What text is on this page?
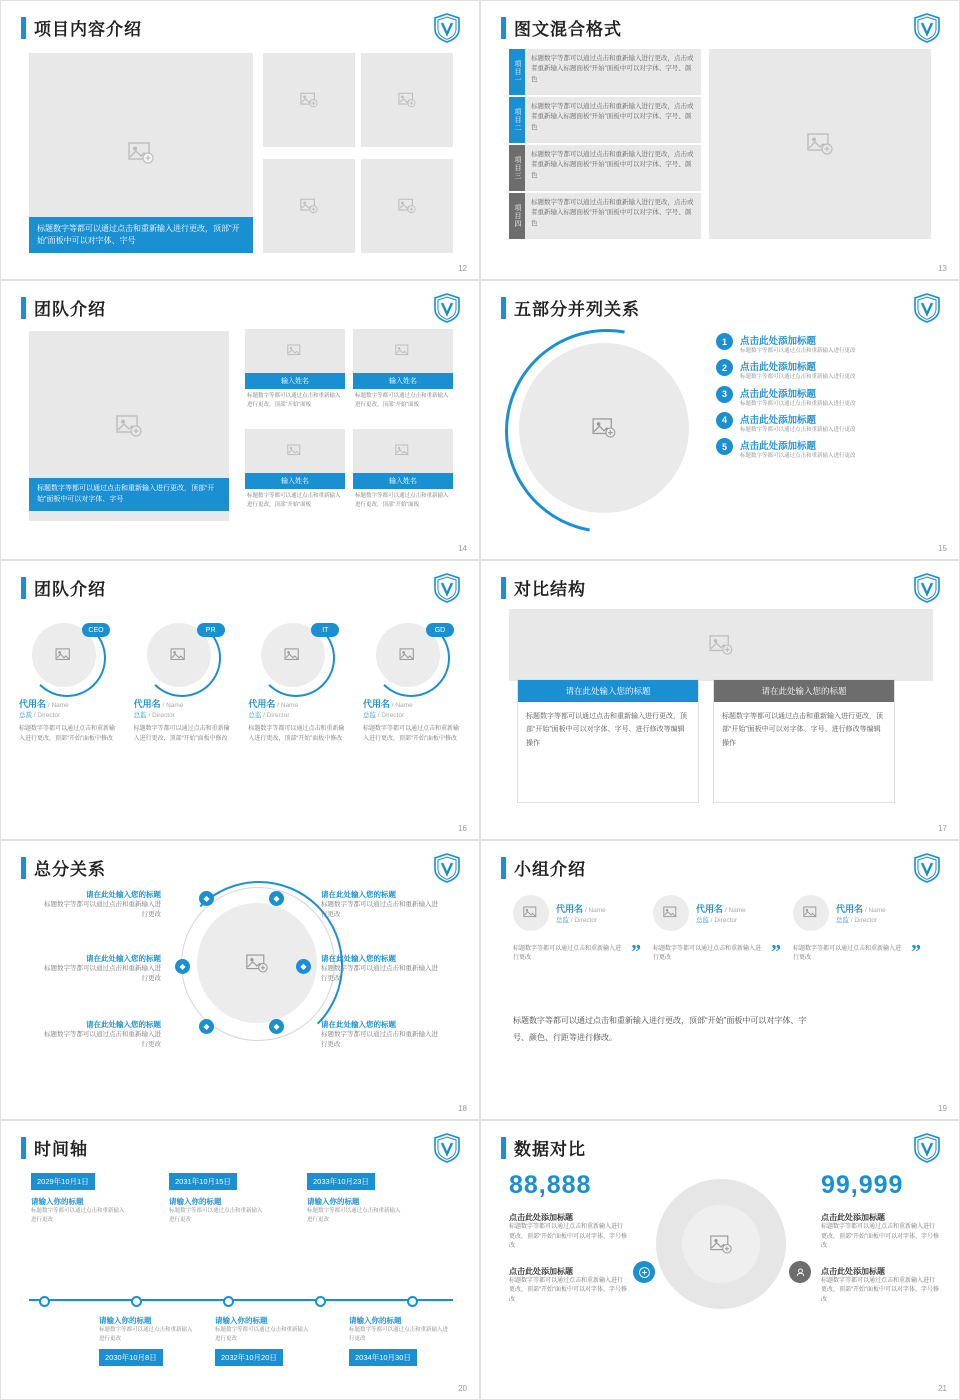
项目内容介绍
标题数字等都可以通过点击和重新输入进行更改，顶部“开始”面板中可以对字体、字号
12
图文混合格式
项目一
标题数字等都可以通过点击和重新输入进行更改，点击或者重新输入标题面板“开始”面板中可以对字体、字号、颜色
项目二
标题数字等都可以通过点击和重新输入进行更改，点击或者重新输入标题面板“开始”面板中可以对字体、字号、颜色
项目三
标题数字等都可以通过点击和重新输入进行更改，点击或者重新输入标题面板“开始”面板中可以对字体、字号、颜色
项目四
标题数字等都可以通过点击和重新输入进行更改，点击或者重新输入标题面板“开始”面板中可以对字体、字号、颜色
13
团队介绍
标题数字等都可以通过点击和重新输入进行更改，顶部“开始”面板中可以对字体、字号
输入姓名
标题数字等都可以通过点击和重新输入进行更改，顶部“开始”面板
输入姓名
标题数字等都可以通过点击和重新输入进行更改，顶部“开始”面板
输入姓名
标题数字等都可以通过点击和重新输入进行更改，顶部“开始”面板
输入姓名
标题数字等都可以通过点击和重新输入进行更改，顶部“开始”面板
14
五部分并列关系
1	点击此处添加标题
标题数字等都可以通过点击和重新输入进行更改
2	点击此处添加标题
标题数字等都可以通过点击和重新输入进行更改
3	点击此处添加标题
标题数字等都可以通过点击和重新输入进行更改
4	点击此处添加标题
标题数字等都可以通过点击和重新输入进行更改
5	点击此处添加标题
标题数字等都可以通过点击和重新输入进行更改
15
团队介绍
CEO
代用名 / Name
总裁 / Director
标题数字等都可以通过点击和重新输入进行更改，顶部“开始”面板中修改
PR
代用名 / Name
总监 / Director
标题数字等都可以通过点击和重新输入进行更改，顶部“开始”面板中修改
IT
代用名 / Name
总监 / Director
标题数字等都可以通过点击和重新输入进行更改，顶部“开始”面板中修改
GD
代用名 / Name
总监 / Director
标题数字等都可以通过点击和重新输入进行更改，顶部“开始”面板中修改
16
对比结构
请在此处输入您的标题
标题数字等都可以通过点击和重新输入进行更改，顶部“开始”面板中可以对字体、字号、进行修改等编辑操作
请在此处输入您的标题
标题数字等都可以通过点击和重新输入进行更改，顶部“开始”面板中可以对字体、字号、进行修改等编辑操作
17
总分关系
◆	◆
◆	◆
◆	◆
请在此处输入您的标题
标题数字等都可以通过点击和重新输入进行更改
请在此处输入您的标题
标题数字等都可以通过点击和重新输入进行更改
请在此处输入您的标题
标题数字等都可以通过点击和重新输入进行更改
请在此处输入您的标题
标题数字等都可以通过点击和重新输入进行更改
请在此处输入您的标题
标题数字等都可以通过点击和重新输入进行更改
请在此处输入您的标题
标题数字等都可以通过点击和重新输入进行更改
18
小组介绍
代用名 / Name
总监 / Director
标题数字等都可以通过点击和重新输入进行更改	”
代用名 / Name
总监 / Director
标题数字等都可以通过点击和重新输入进行更改	”
代用名 / Name
总监 / Director
标题数字等都可以通过点击和重新输入进行更改	”
标题数字等都可以通过点击和重新输入进行更改，顶部“开始”面板中可以对字体、字号、颜色、行距等进行修改。
19
时间轴
2029年10月1日
请输入你的标题
标题数字等都可以通过点击和重新输入进行更改
2031年10月15日
请输入你的标题
标题数字等都可以通过点击和重新输入进行更改
2033年10月23日
请输入你的标题
标题数字等都可以通过点击和重新输入进行更改
请输入你的标题
标题数字等都可以通过点击和重新输入进行更改
2030年10月8日
请输入你的标题
标题数字等都可以通过点击和重新输入进行更改
2032年10月20日
请输入你的标题
标题数字等都可以通过点击和重新输入进行更改
2034年10月30日
20
数据对比
88,888
点击此处添加标题
标题数字等都可以通过点击和重新输入进行更改，顶部“开始”面板中可以对字体、字号修改
点击此处添加标题
标题数字等都可以通过点击和重新输入进行更改，顶部“开始”面板中可以对字体、字号修改
99,999
点击此处添加标题
标题数字等都可以通过点击和重新输入进行更改，顶部“开始”面板中可以对字体、字号修改
点击此处添加标题
标题数字等都可以通过点击和重新输入进行更改，顶部“开始”面板中可以对字体、字号修改
21
